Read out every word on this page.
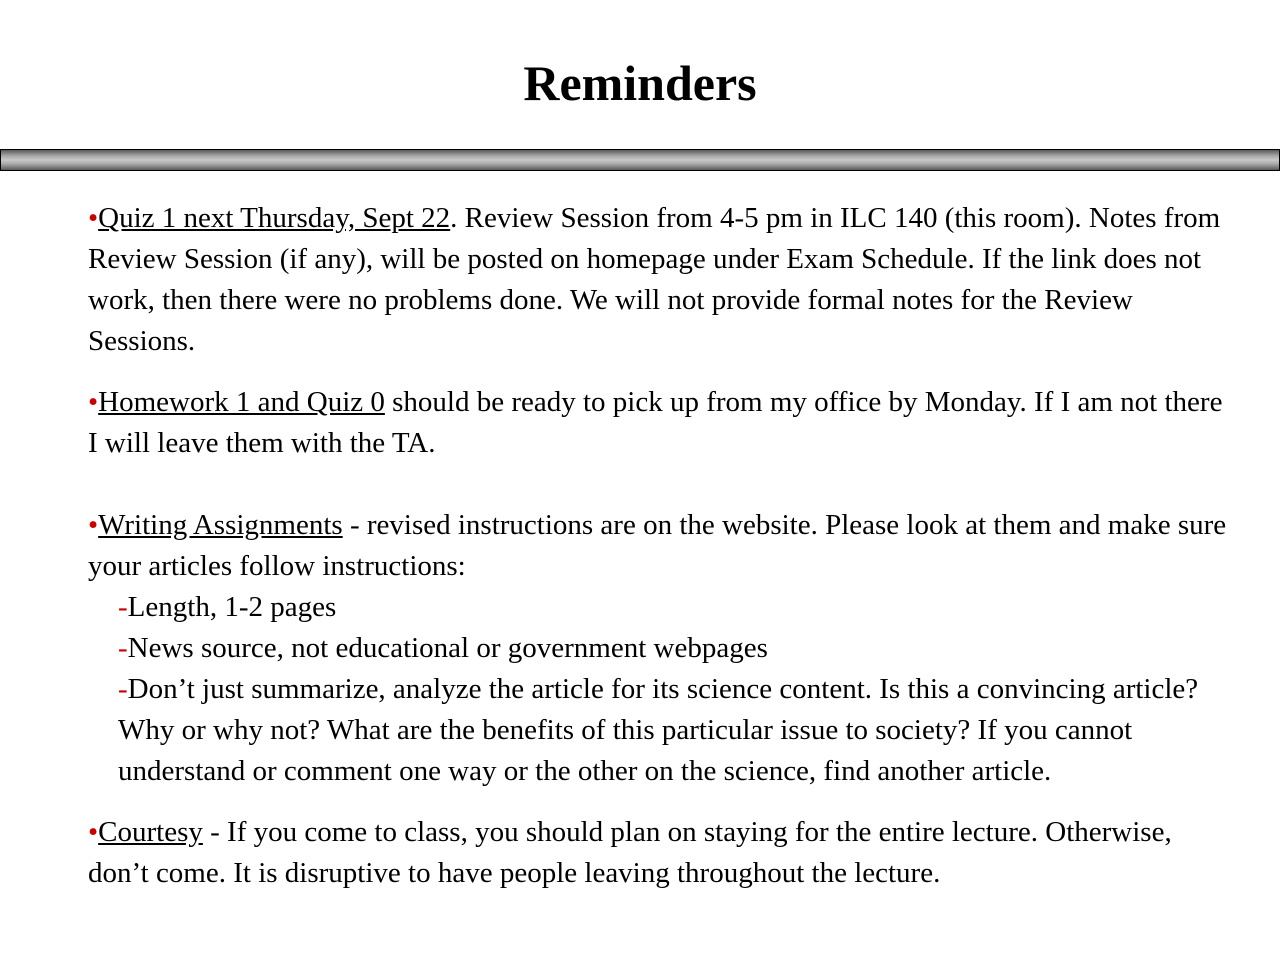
Reminders

•Quiz 1 next Thursday, Sept 22. Review Session from 4-5 pm in ILC 140 (this room). Notes from Review Session (if any), will be posted on homepage under Exam Schedule. If the link does not work, then there were no problems done. We will not provide formal notes for the Review Sessions.

•Homework 1 and Quiz 0 should be ready to pick up from my office by Monday. If I am not there I will leave them with the TA.

•Writing Assignments - revised instructions are on the website. Please look at them and make sure your articles follow instructions:

-Length, 1-2 pages

-News source, not educational or government webpages

-Don’t just summarize, analyze the article for its science content. Is this a convincing article? Why or why not? What are the benefits of this particular issue to society? If you cannot understand or comment one way or the other on the science, find another article.

•Courtesy - If you come to class, you should plan on staying for the entire lecture. Otherwise, don’t come. It is disruptive to have people leaving throughout the lecture.
